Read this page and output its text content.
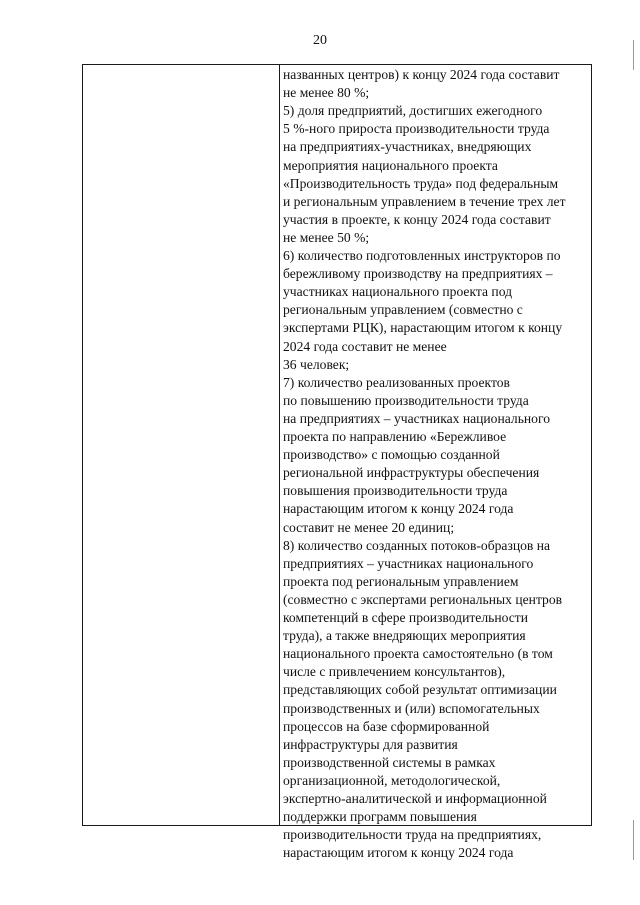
20
названных центров) к концу 2024 года составит
не менее 80 %;
5) доля предприятий, достигших ежегодного
5 %-ного прироста производительности труда
на предприятиях-участниках, внедряющих
мероприятия национального проекта
«Производительность труда» под федеральным
и региональным управлением в течение трех лет
участия в проекте, к концу 2024 года составит
не менее 50 %;
6) количество подготовленных инструкторов по
бережливому производству на предприятиях –
участниках национального проекта под
региональным управлением (совместно с
экспертами РЦК), нарастающим итогом к концу
2024 года составит не менее
36 человек;
7) количество реализованных проектов
по повышению производительности труда
на предприятиях – участниках национального
проекта по направлению «Бережливое
производство» с помощью созданной
региональной инфраструктуры обеспечения
повышения производительности труда
нарастающим итогом к концу 2024 года
составит не менее 20 единиц;
8) количество созданных потоков-образцов на
предприятиях – участниках национального
проекта под региональным управлением
(совместно с экспертами региональных центров
компетенций в сфере производительности
труда), а также внедряющих мероприятия
национального проекта самостоятельно (в том
числе с привлечением консультантов),
представляющих собой результат оптимизации
производственных и (или) вспомогательных
процессов на базе сформированной
инфраструктуры для развития
производственной системы в рамках
организационной, методологической,
экспертно-аналитической и информационной
поддержки программ повышения
производительности труда на предприятиях,
нарастающим итогом к концу 2024 года
